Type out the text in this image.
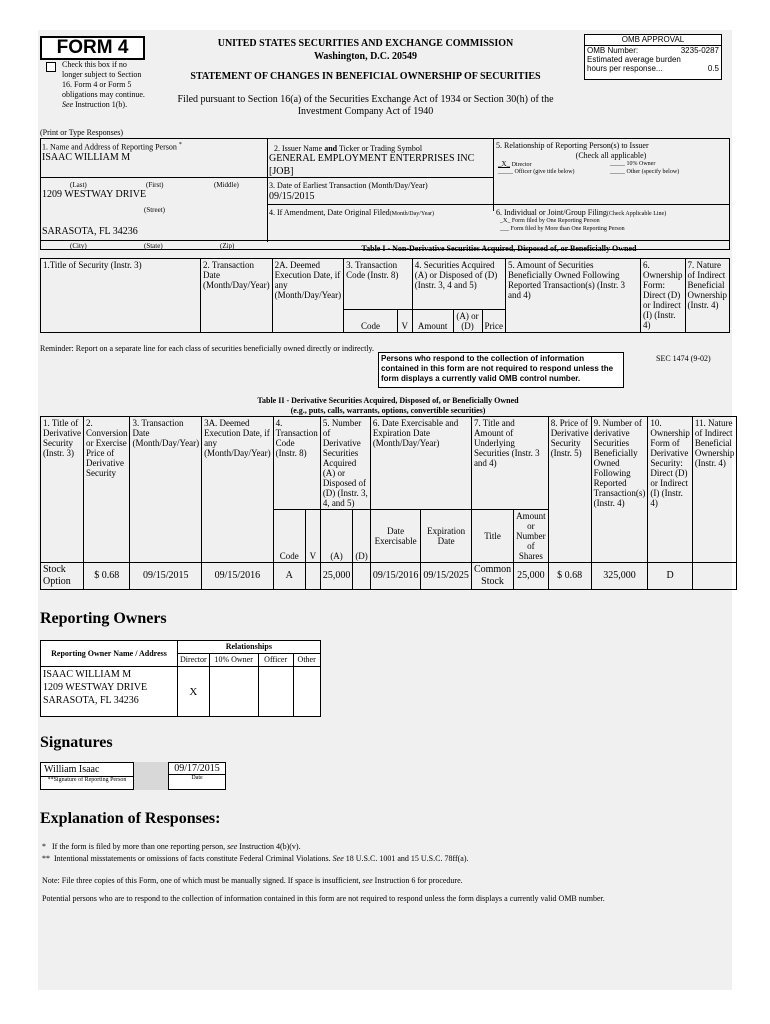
FORM 4
Check this box if no longer subject to Section 16. Form 4 or Form 5 obligations may continue. See Instruction 1(b).
UNITED STATES SECURITIES AND EXCHANGE COMMISSION
Washington, D.C. 20549
STATEMENT OF CHANGES IN BENEFICIAL OWNERSHIP OF SECURITIES
Filed pursuant to Section 16(a) of the Securities Exchange Act of 1934 or Section 30(h) of the
Investment Company Act of 1940
OMB APPROVAL
OMB Number:	3235-0287
Estimated average burden
hours per response...	0.5
(Print or Type Responses)
1. Name and Address of Reporting Person *
ISAAC WILLIAM M
(Last)	(First)	(Middle)
1209 WESTWAY DRIVE
(Street)
SARASOTA, FL 34236
(City)	(State)	(Zip)
2. Issuer Name and Ticker or Trading Symbol
GENERAL EMPLOYMENT ENTERPRISES INC
[JOB]
3. Date of Earliest Transaction (Month/Day/Year)
09/15/2015
4. If Amendment, Date Original Filed(Month/Day/Year)
5. Relationship of Reporting Person(s) to Issuer
(Check all applicable)
_X_ Director	_____ 10% Owner
_____ Officer (give title below)	_____ Other (specify below)
6. Individual or Joint/Group Filing(Check Applicable Line)
_X_ Form filed by One Reporting Person
___ Form filed by More than One Reporting Person
Table I - Non-Derivative Securities Acquired, Disposed of, or Beneficially Owned
1.Title of Security (Instr. 3)	2. Transaction Date (Month/Day/Year)	2A. Deemed Execution Date, if any (Month/Day/Year)	3. Transaction Code (Instr. 8)		4. Securities Acquired (A) or Disposed of (D) (Instr. 3, 4 and 5)			5. Amount of Securities Beneficially Owned Following Reported Transaction(s) (Instr. 3 and 4)	6. Ownership Form: Direct (D) or Indirect (I) (Instr. 4)	7. Nature of Indirect Beneficial Ownership (Instr. 4)
			Code	V	Amount	(A) or (D)	Price			
Reminder: Report on a separate line for each class of securities beneficially owned directly or indirectly.
Persons who respond to the collection of information contained in this form are not required to respond unless the form displays a currently valid OMB control number.
SEC 1474 (9-02)
Table II - Derivative Securities Acquired, Disposed of, or Beneficially Owned
(e.g., puts, calls, warrants, options, convertible securities)
1. Title of Derivative Security (Instr. 3)	2. Conversion or Exercise Price of Derivative Security	3. Transaction Date (Month/Day/Year)	3A. Deemed Execution Date, if any (Month/Day/Year)	4. Transaction Code (Instr. 8)		5. Number of Derivative Securities Acquired (A) or Disposed of (D) (Instr. 3, 4, and 5)		6. Date Exercisable and Expiration Date (Month/Day/Year)		7. Title and Amount of Underlying Securities (Instr. 3 and 4)		8. Price of Derivative Security (Instr. 5)	9. Number of derivative Securities Beneficially Owned Following Reported Transaction(s) (Instr. 4)	10. Ownership Form of Derivative Security: Direct (D) or Indirect (I) (Instr. 4)	11. Nature of Indirect Beneficial Ownership (Instr. 4)
				Code	V	(A)	(D)	Date Exercisable	Expiration Date	Title	Amount or Number of Shares				
Stock Option	$ 0.68	09/15/2015	09/15/2016	A		25,000		09/15/2016	09/15/2025	Common Stock	25,000	$ 0.68	325,000	D	
Reporting Owners
Reporting Owner Name / Address	Relationships			
	Director	10% Owner	Officer	Other

ISAAC WILLIAM M
1209 WESTWAY DRIVE
SARASOTA, FL 34236	X			
Signatures
William Isaac
**Signature of Reporting Person
09/17/2015
Date
Explanation of Responses:
* If the form is filed by more than one reporting person, see Instruction 4(b)(v).
** Intentional misstatements or omissions of facts constitute Federal Criminal Violations. See 18 U.S.C. 1001 and 15 U.S.C. 78ff(a).
Note: File three copies of this Form, one of which must be manually signed. If space is insufficient, see Instruction 6 for procedure.
Potential persons who are to respond to the collection of information contained in this form are not required to respond unless the form displays a currently valid OMB number.
